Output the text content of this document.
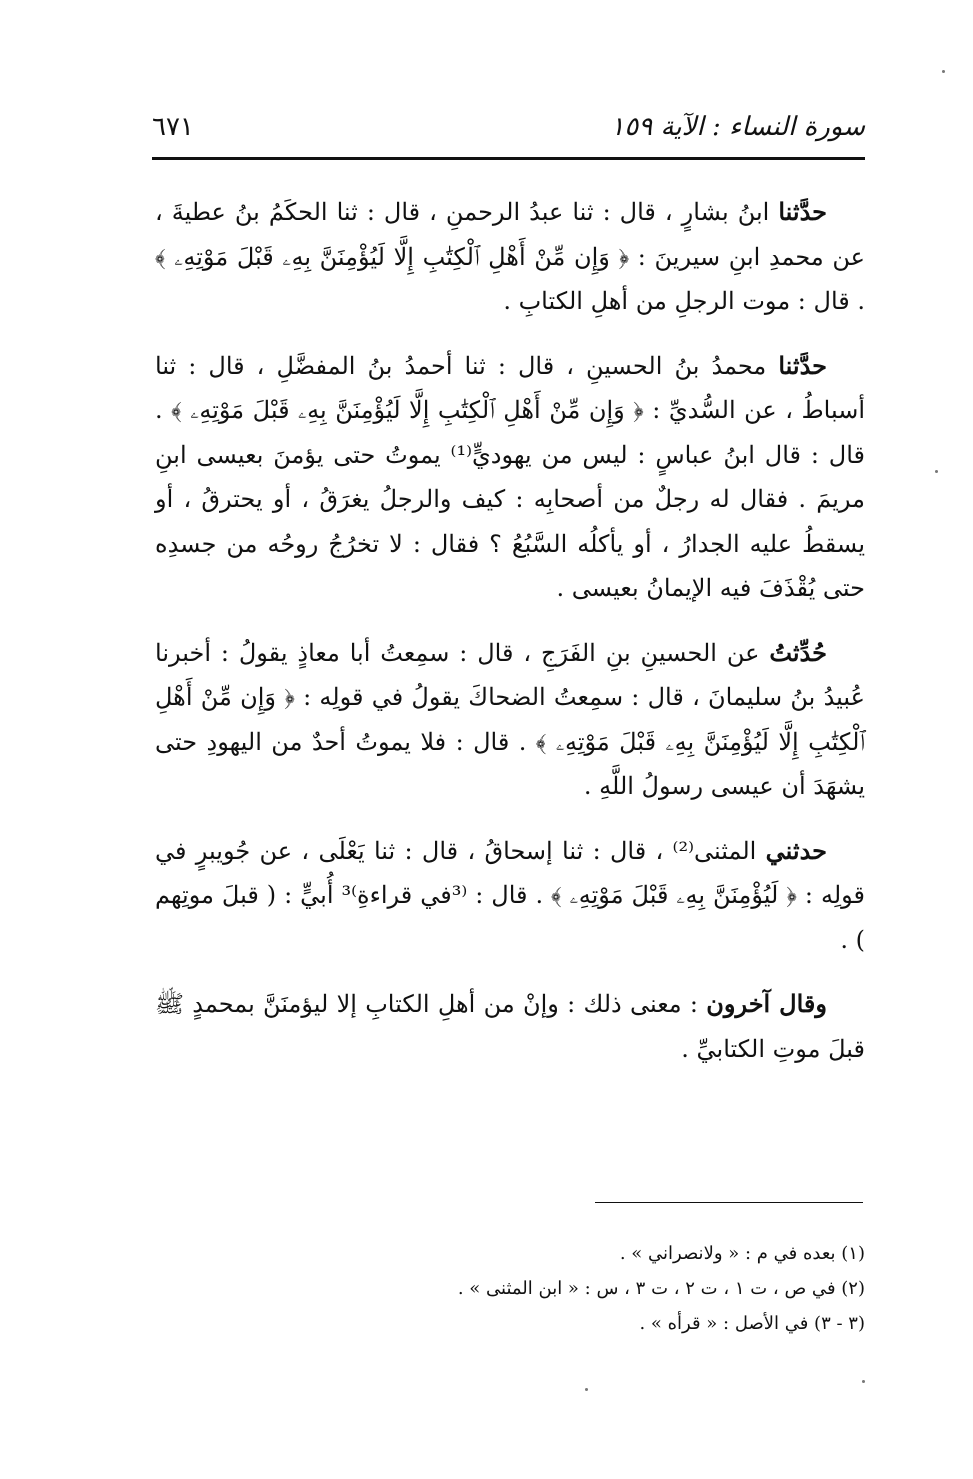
سورة النساء : الآية ١٥٩
٦٧١

حدَّثنا ابنُ بشارٍ ، قال : ثنا عبدُ الرحمنِ ، قال : ثنا الحكَمُ بنُ عطيةَ ، عن محمدِ ابنِ سيرينَ : ﴿ وَإِن مِّنْ أَهْلِ ٱلْكِتَٰبِ إِلَّا لَيُؤْمِنَنَّ بِهِۦ قَبْلَ مَوْتِهِۦ ﴾ . قال : موت الرجلِ من أهلِ الكتابِ .

حدَّثنا محمدُ بنُ الحسينِ ، قال : ثنا أحمدُ بنُ المفضَّلِ ، قال : ثنا أسباطُ ، عن السُّديِّ : ﴿ وَإِن مِّنْ أَهْلِ ٱلْكِتَٰبِ إِلَّا لَيُؤْمِنَنَّ بِهِۦ قَبْلَ مَوْتِهِۦ ﴾ . قال : قال ابنُ عباسٍ : ليس من يهوديٍّ⁽¹⁾ يموتُ حتى يؤمنَ بعيسى ابنِ مريمَ . فقال له رجلٌ من أصحابِه : كيف والرجلُ يغرَقُ ، أو يحترقُ ، أو يسقطُ عليه الجدارُ ، أو يأكلُه السَّبُعُ ؟ فقال : لا تخرُجُ روحُه من جسدِه حتى يُقْذَفَ فيه الإيمانُ بعيسى .

حُدِّثتُ عن الحسينِ بنِ الفَرَجِ ، قال : سمِعتُ أبا معاذٍ يقولُ : أخبرنا عُبيدُ بنُ سليمانَ ، قال : سمِعتُ الضحاكَ يقولُ في قولِه : ﴿ وَإِن مِّنْ أَهْلِ ٱلْكِتَٰبِ إِلَّا لَيُؤْمِنَنَّ بِهِۦ قَبْلَ مَوْتِهِۦ ﴾ . قال : فلا يموتُ أحدٌ من اليهودِ حتى يشهَدَ أن عيسى رسولُ اللَّهِ .

حدثني المثنى⁽²⁾ ، قال : ثنا إسحاقُ ، قال : ثنا يَعْلَى ، عن جُويبرٍ في قولِه : ﴿ لَيُؤْمِنَنَّ بِهِۦ قَبْلَ مَوْتِهِۦ ﴾ . قال : ⁽³في قراءةِ⁾³ أُبيٍّ : ( قبلَ موتِهم ) .

وقال آخرون : معنى ذلك : وإنْ من أهلِ الكتابِ إلا ليؤمنَنَّ بمحمدٍ ﷺ قبلَ موتِ الكتابيِّ .

(١) بعده في م : « ولانصراني » .
(٢) في ص ، ت ١ ، ت ٢ ، ت ٣ ، س : « ابن المثنى » .
(٣ - ٣) في الأصل : « قرأه » .
